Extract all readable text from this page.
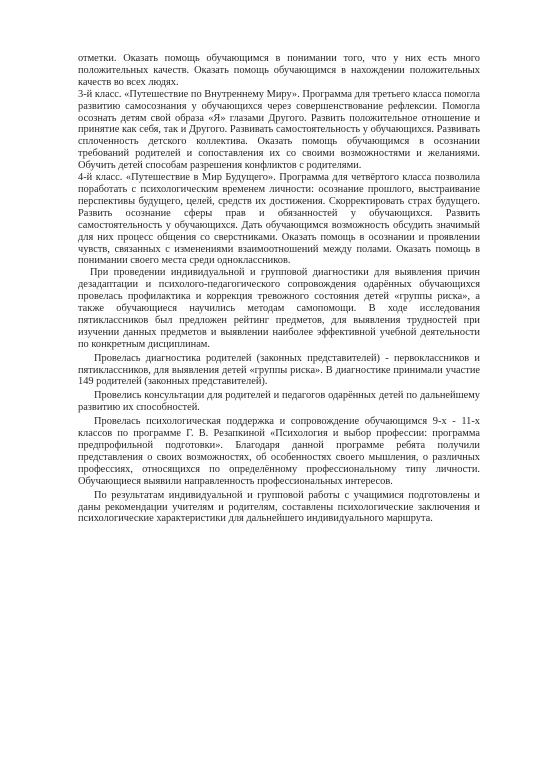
отметки. Оказать помощь обучающимся в понимании того, что у них есть много положительных качеств. Оказать помощь обучающимся в нахождении положительных качеств во всех людях.

3-й класс. «Путешествие по Внутреннему Миру». Программа для третьего класса помогла развитию самосознания у обучающихся через совершенствование рефлексии. Помогла осознать детям свой образа «Я» глазами Другого. Развить положительное отношение и принятие как себя, так и Другого. Развивать самостоятельность у обучающихся. Развивать сплоченность детского коллектива. Оказать помощь обучающимся в осознании требований родителей и сопоставления их со своими возможностями и желаниями. Обучить детей способам разрешения конфликтов с родителями.

4-й класс. «Путешествие в Мир Будущего». Программа для четвёртого класса позволила поработать с психологическим временем личности: осознание прошлого, выстраивание перспективы будущего, целей, средств их достижения. Скорректировать страх будущего. Развить осознание сферы прав и обязанностей у обучающихся. Развить самостоятельность у обучающихся. Дать обучающимся возможность обсудить значимый для них процесс общения со сверстниками. Оказать помощь в осознании и проявлении чувств, связанных с изменениями взаимоотношений между полами. Оказать помощь в понимании своего места среди одноклассников.

При проведении индивидуальной и групповой диагностики для выявления причин дезадаптации и психолого-педагогического сопровождения одарённых обучающихся провелась профилактика и коррекция тревожного состояния детей «группы риска», а также обучающиеся научились методам самопомощи. В ходе исследования пятиклассников был предложен рейтинг предметов, для выявления трудностей при изучении данных предметов и выявлении наиболее эффективной учебной деятельности по конкретным дисциплинам.

Провелась диагностика родителей (законных представителей) - первоклассников и пятиклассников, для выявления детей «группы риска». В диагностике принимали участие 149 родителей (законных представителей).

Провелись консультации для родителей и педагогов одарённых детей по дальнейшему развитию их способностей.

Провелась психологическая поддержка и сопровождение обучающимся 9-х - 11-х классов по программе Г. В. Резапкиной «Психология и выбор профессии: программа предпрофильной подготовки». Благодаря данной программе ребята получили представления о своих возможностях, об особенностях своего мышления, о различных профессиях, относящихся по определённому профессиональному типу личности. Обучающиеся выявили направленность профессиональных интересов.

По результатам индивидуальной и групповой работы с учащимися подготовлены и даны рекомендации учителям и родителям, составлены психологические заключения и психологические характеристики для дальнейшего индивидуального маршрута.
